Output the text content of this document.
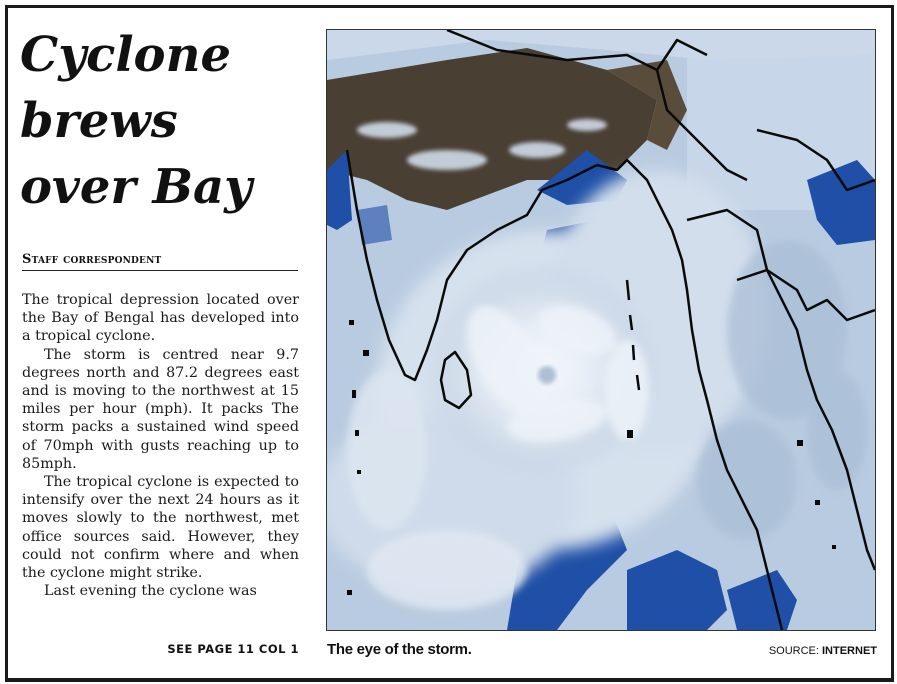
Cyclone
brews
over Bay
Staff correspondent

The tropical depression located over the Bay of Bengal has developed into a tropical cyclone.

The storm is centred near 9.7 degrees north and 87.2 degrees east and is moving to the northwest at 15 miles per hour (mph). It packs The storm packs a sustained wind speed of 70mph with gusts reaching up to 85mph.

The tropical cyclone is expected to intensify over the next 24 hours as it moves slowly to the northwest, met office sources said. However, they could not confirm where and when the cyclone might strike.

Last evening the cyclone was

SEE PAGE 11 COL 1 The eye of the storm.	SOURCE: INTERNET
